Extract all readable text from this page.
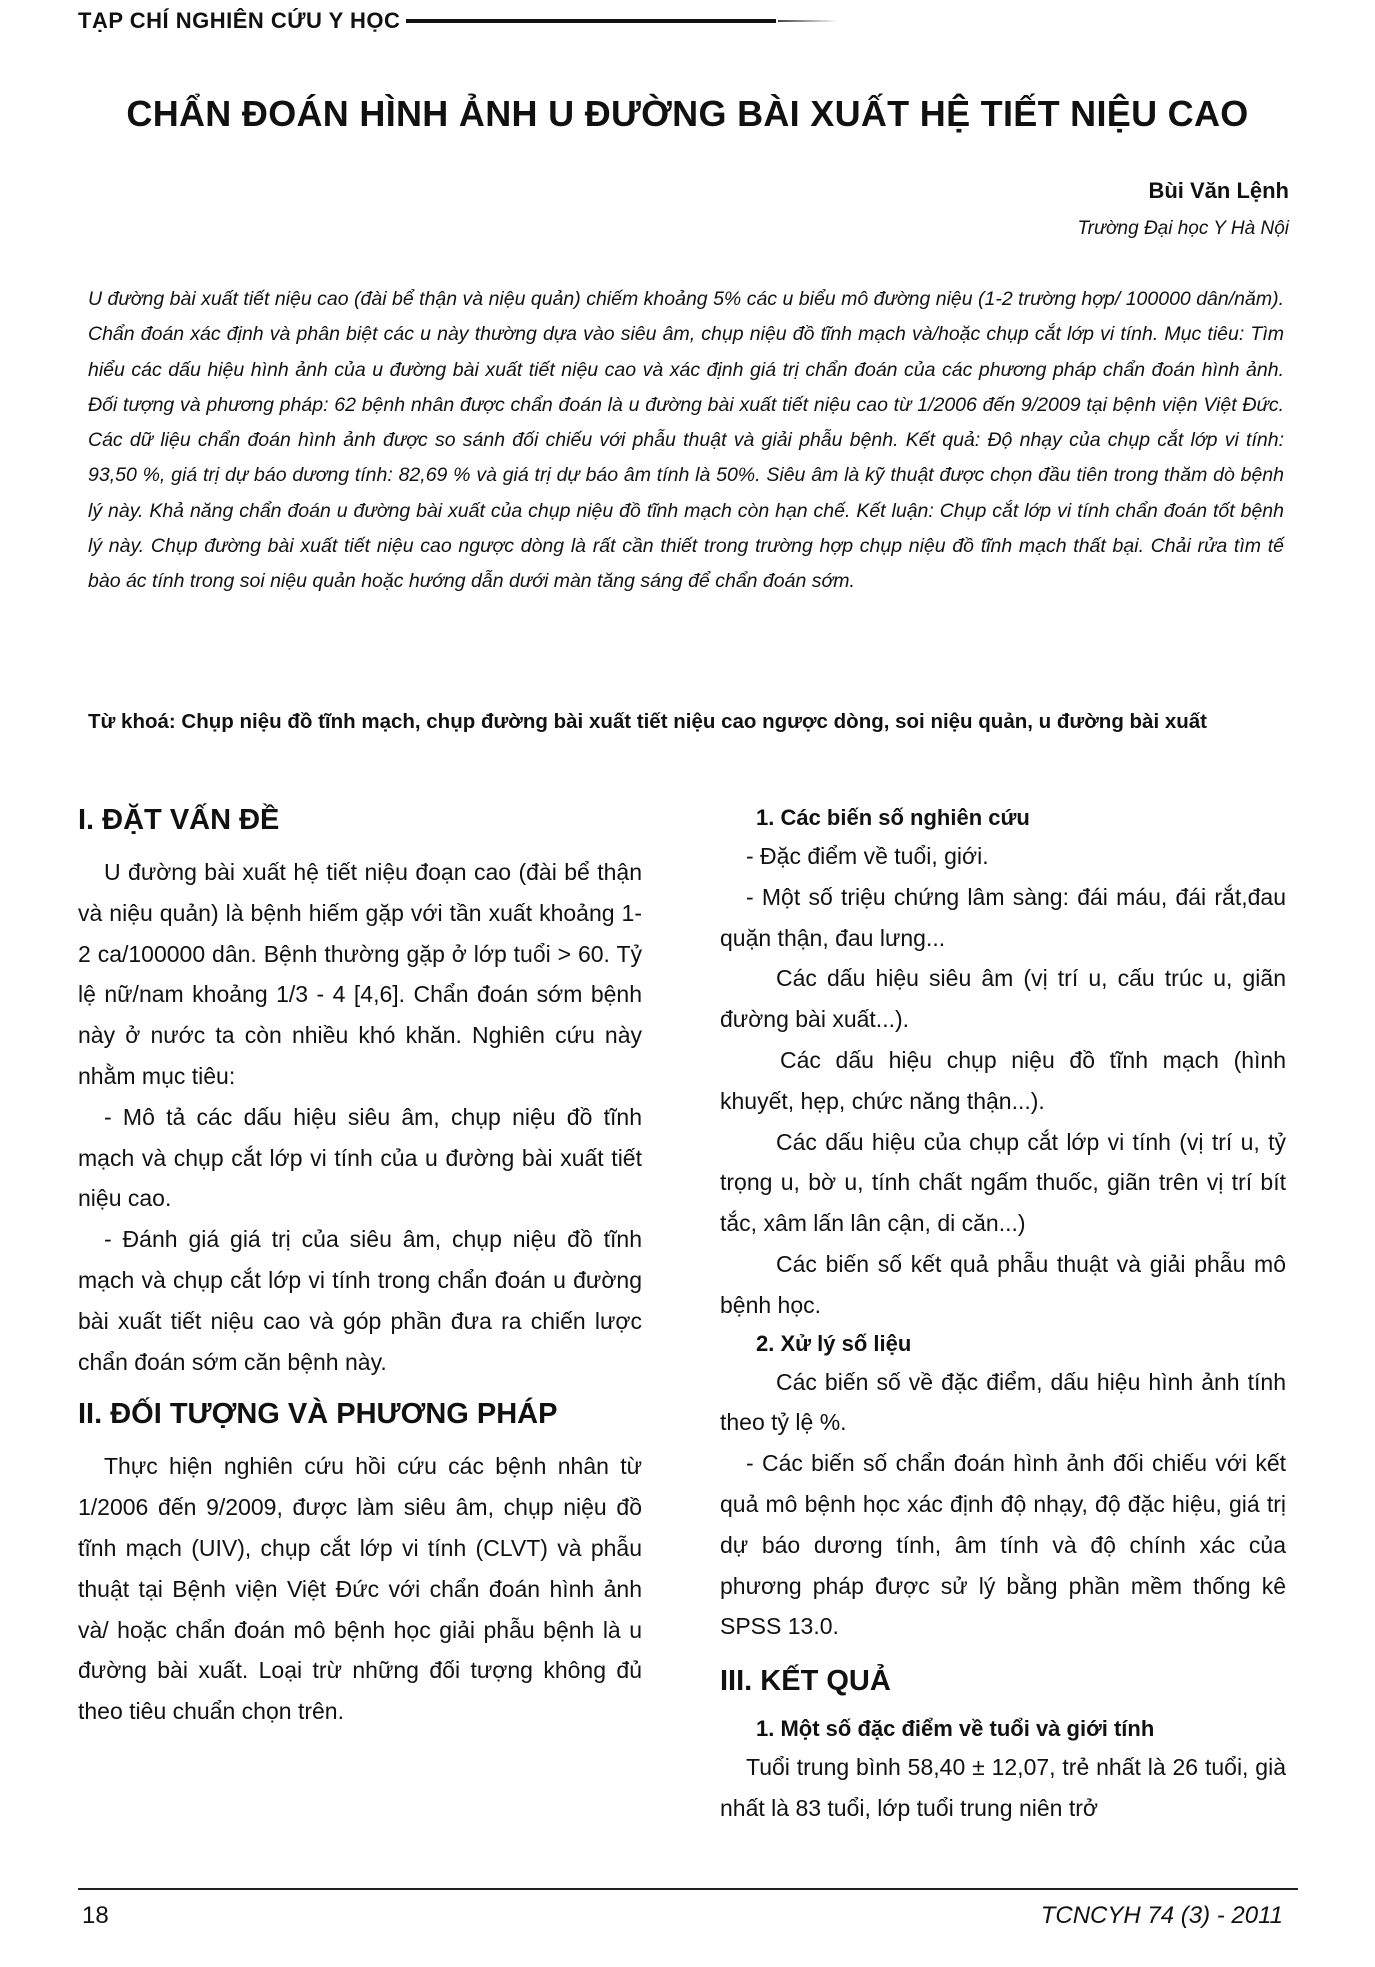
TẠP CHÍ NGHIÊN CỨU Y HỌC
CHẨN ĐOÁN HÌNH ẢNH U ĐƯỜNG BÀI XUẤT HỆ TIẾT NIỆU CAO
Bùi Văn Lệnh
Trường Đại học Y Hà Nội

U đường bài xuất tiết niệu cao (đài bể thận và niệu quản) chiếm khoảng 5% các u biểu mô đường niệu (1-2 trường hợp/ 100000 dân/năm). Chẩn đoán xác định và phân biệt các u này thường dựa vào siêu âm, chụp niệu đồ tĩnh mạch và/hoặc chụp cắt lớp vi tính. Mục tiêu: Tìm hiểu các dấu hiệu hình ảnh của u đường bài xuất tiết niệu cao và xác định giá trị chẩn đoán của các phương pháp chẩn đoán hình ảnh. Đối tượng và phương pháp: 62 bệnh nhân được chẩn đoán là u đường bài xuất tiết niệu cao từ 1/2006 đến 9/2009 tại bệnh viện Việt Đức. Các dữ liệu chẩn đoán hình ảnh được so sánh đối chiếu với phẫu thuật và giải phẫu bệnh. Kết quả: Độ nhạy của chụp cắt lớp vi tính: 93,50 %, giá trị dự báo dương tính: 82,69 % và giá trị dự báo âm tính là 50%. Siêu âm là kỹ thuật được chọn đầu tiên trong thăm dò bệnh lý này. Khả năng chẩn đoán u đường bài xuất của chụp niệu đồ tĩnh mạch còn hạn chế. Kết luận: Chụp cắt lớp vi tính chẩn đoán tốt bệnh lý này. Chụp đường bài xuất tiết niệu cao ngược dòng là rất cần thiết trong trường hợp chụp niệu đồ tĩnh mạch thất bại. Chải rửa tìm tế bào ác tính trong soi niệu quản hoặc hướng dẫn dưới màn tăng sáng để chẩn đoán sớm.

Từ khoá: Chụp niệu đồ tĩnh mạch, chụp đường bài xuất tiết niệu cao ngược dòng, soi niệu quản, u đường bài xuất

I. ĐẶT VẤN ĐỀ

U đường bài xuất hệ tiết niệu đoạn cao (đài bể thận và niệu quản) là bệnh hiếm gặp với tần xuất khoảng 1-2 ca/100000 dân. Bệnh thường gặp ở lớp tuổi > 60. Tỷ lệ nữ/nam khoảng 1/3 - 4 [4,6]. Chẩn đoán sớm bệnh này ở nước ta còn nhiều khó khăn. Nghiên cứu này nhằm mục tiêu:

- Mô tả các dấu hiệu siêu âm, chụp niệu đồ tĩnh mạch và chụp cắt lớp vi tính của u đường bài xuất tiết niệu cao.

- Đánh giá giá trị của siêu âm, chụp niệu đồ tĩnh mạch và chụp cắt lớp vi tính trong chẩn đoán u đường bài xuất tiết niệu cao và góp phần đưa ra chiến lược chẩn đoán sớm căn bệnh này.

II. ĐỐI TƯỢNG VÀ PHƯƠNG PHÁP

Thực hiện nghiên cứu hồi cứu các bệnh nhân từ 1/2006 đến 9/2009, được làm siêu âm, chụp niệu đồ tĩnh mạch (UIV), chụp cắt lớp vi tính (CLVT) và phẫu thuật tại Bệnh viện Việt Đức với chẩn đoán hình ảnh và/ hoặc chẩn đoán mô bệnh học giải phẫu bệnh là u đường bài xuất. Loại trừ những đối tượng không đủ theo tiêu chuẩn chọn trên.

1. Các biến số nghiên cứu

- Đặc điểm về tuổi, giới.

- Một số triệu chứng lâm sàng: đái máu, đái rắt,đau quặn thận, đau lưng...

Các dấu hiệu siêu âm (vị trí u, cấu trúc u, giãn đường bài xuất...).

Các dấu hiệu chụp niệu đồ tĩnh mạch (hình khuyết, hẹp, chức năng thận...).

Các dấu hiệu của chụp cắt lớp vi tính (vị trí u, tỷ trọng u, bờ u, tính chất ngấm thuốc, giãn trên vị trí bít tắc, xâm lấn lân cận, di căn...)

Các biến số kết quả phẫu thuật và giải phẫu mô bệnh học.

2. Xử lý số liệu

Các biến số về đặc điểm, dấu hiệu hình ảnh tính theo tỷ lệ %.

- Các biến số chẩn đoán hình ảnh đối chiếu với kết quả mô bệnh học xác định độ nhạy, độ đặc hiệu, giá trị dự báo dương tính, âm tính và độ chính xác của phương pháp được sử lý bằng phần mềm thống kê SPSS 13.0.

III. KẾT QUẢ
1. Một số đặc điểm về tuổi và giới tính

Tuổi trung bình 58,40 ± 12,07, trẻ nhất là 26 tuổi, già nhất là 83 tuổi, lớp tuổi trung niên trở

18	TCNCYH 74 (3) - 2011
